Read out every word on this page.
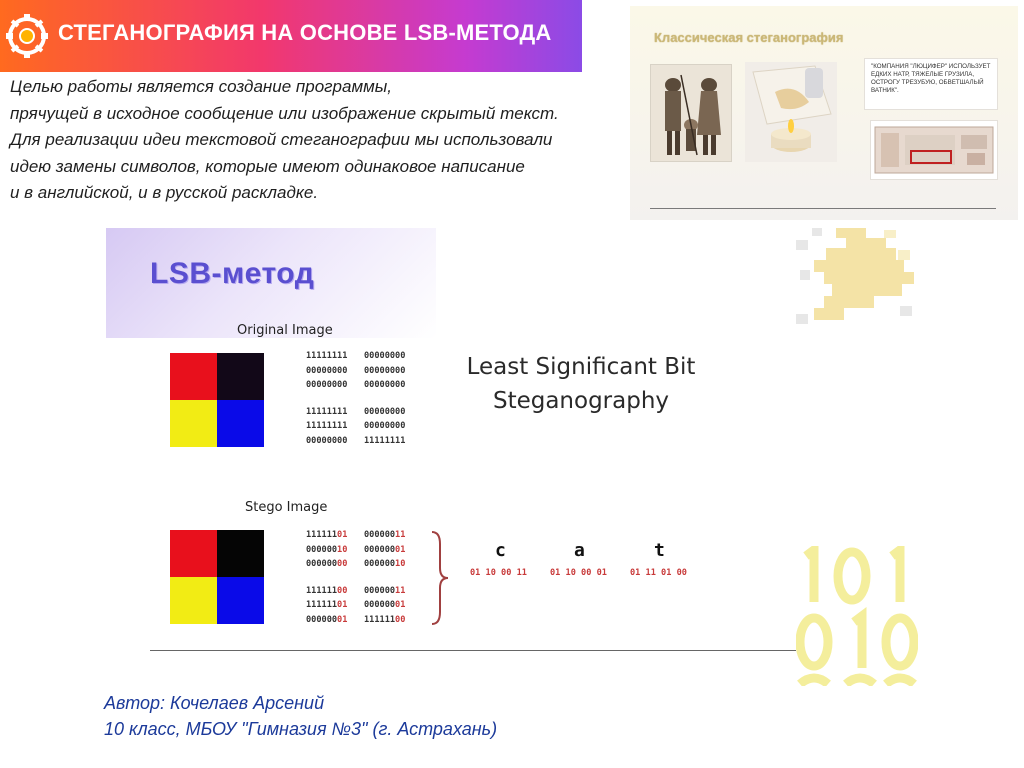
СТЕГАНОГРАФИЯ НА ОСНОВЕ LSB-МЕТОДА

Целью работы является создание программы,

прячущей в исходное сообщение или изображение скрытый текст.

Для реализации идеи текстовой стеганографии мы использовали

идею замены символов, которые имеют одинаковое написание

и в английской, и в русской раскладке.

Классическая стеганография
"КОМПАНИЯ "ЛЮЦИФЕР" ИСПОЛЬЗУЕТ ЕДКИХ НАТР, ТЯЖЕЛЫЕ ГРУЗИЛА, ОСТРОГУ ТРЕЗУБУЮ, ОБВЕТШАЛЫЙ ВАТНИК".
LSB-метод
Original Image
11111111 00000000
00000000 00000000
00000000 00000000
11111111 00000000
11111111 00000000
00000000 11111111
Least Significant Bit
Steganography
Stego Image
11111101 00000011
00000010 00000001
00000000 00000010
11111100 00000011
11111101 00000001
00000001 11111100
c
01 10 00 11
a
01 10 00 01
t
01 11 01 00
Автор: Кочелаев Арсений
10 класс, МБОУ "Гимназия №3" (г. Астрахань)
